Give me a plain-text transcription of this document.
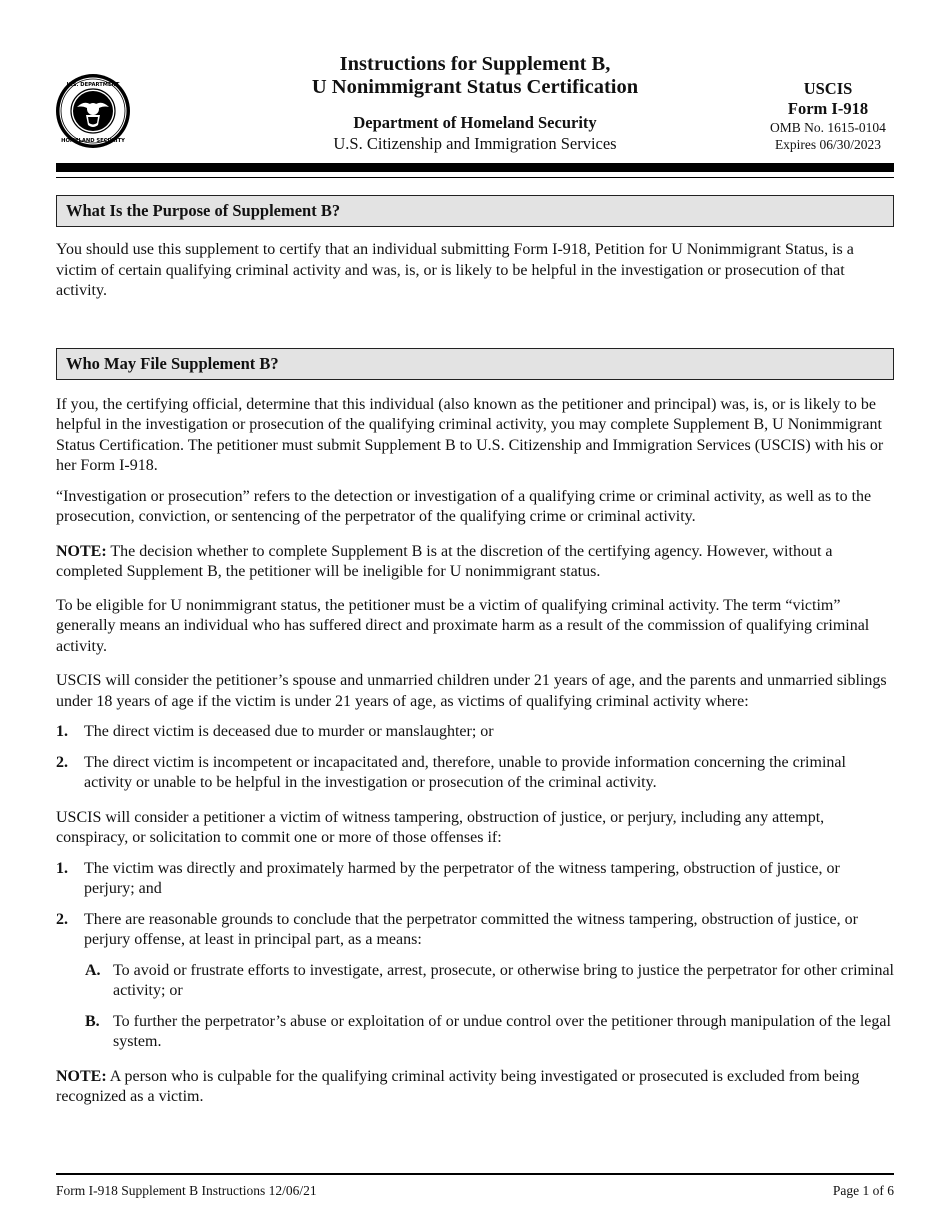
U.S. DEPARTMENT
HOMELAND SECURITY
Instructions for Supplement B,
U Nonimmigrant Status Certification
Department of Homeland Security
U.S. Citizenship and Immigration Services
USCIS
Form I-918
OMB No. 1615-0104
Expires 06/30/2023
What Is the Purpose of Supplement B?

You should use this supplement to certify that an individual submitting Form I-918, Petition for U Nonimmigrant Status, is a victim of certain qualifying criminal activity and was, is, or is likely to be helpful in the investigation or prosecution of that activity.

Who May File Supplement B?

If you, the certifying official, determine that this individual (also known as the petitioner and principal) was, is, or is likely to be helpful in the investigation or prosecution of the qualifying criminal activity, you may complete Supplement B, U Nonimmigrant Status Certification. The petitioner must submit Supplement B to U.S. Citizenship and Immigration Services (USCIS) with his or her Form I-918.

“Investigation or prosecution” refers to the detection or investigation of a qualifying crime or criminal activity, as well as to the prosecution, conviction, or sentencing of the perpetrator of the qualifying crime or criminal activity.

NOTE: The decision whether to complete Supplement B is at the discretion of the certifying agency. However, without a completed Supplement B, the petitioner will be ineligible for U nonimmigrant status.

To be eligible for U nonimmigrant status, the petitioner must be a victim of qualifying criminal activity. The term “victim” generally means an individual who has suffered direct and proximate harm as a result of the commission of qualifying criminal activity.

USCIS will consider the petitioner’s spouse and unmarried children under 21 years of age, and the parents and unmarried siblings under 18 years of age if the victim is under 21 years of age, as victims of qualifying criminal activity where:

1. The direct victim is deceased due to murder or manslaughter; or
2. The direct victim is incompetent or incapacitated and, therefore, unable to provide information concerning the criminal activity or unable to be helpful in the investigation or prosecution of the criminal activity.

USCIS will consider a petitioner a victim of witness tampering, obstruction of justice, or perjury, including any attempt, conspiracy, or solicitation to commit one or more of those offenses if:

1. The victim was directly and proximately harmed by the perpetrator of the witness tampering, obstruction of justice, or perjury; and
2. There are reasonable grounds to conclude that the perpetrator committed the witness tampering, obstruction of justice, or perjury offense, at least in principal part, as a means:
A. To avoid or frustrate efforts to investigate, arrest, prosecute, or otherwise bring to justice the perpetrator for other criminal activity; or
B. To further the perpetrator’s abuse or exploitation of or undue control over the petitioner through manipulation of the legal system.

NOTE: A person who is culpable for the qualifying criminal activity being investigated or prosecuted is excluded from being recognized as a victim.

Form I-918 Supplement B Instructions 12/06/21	Page 1 of 6
